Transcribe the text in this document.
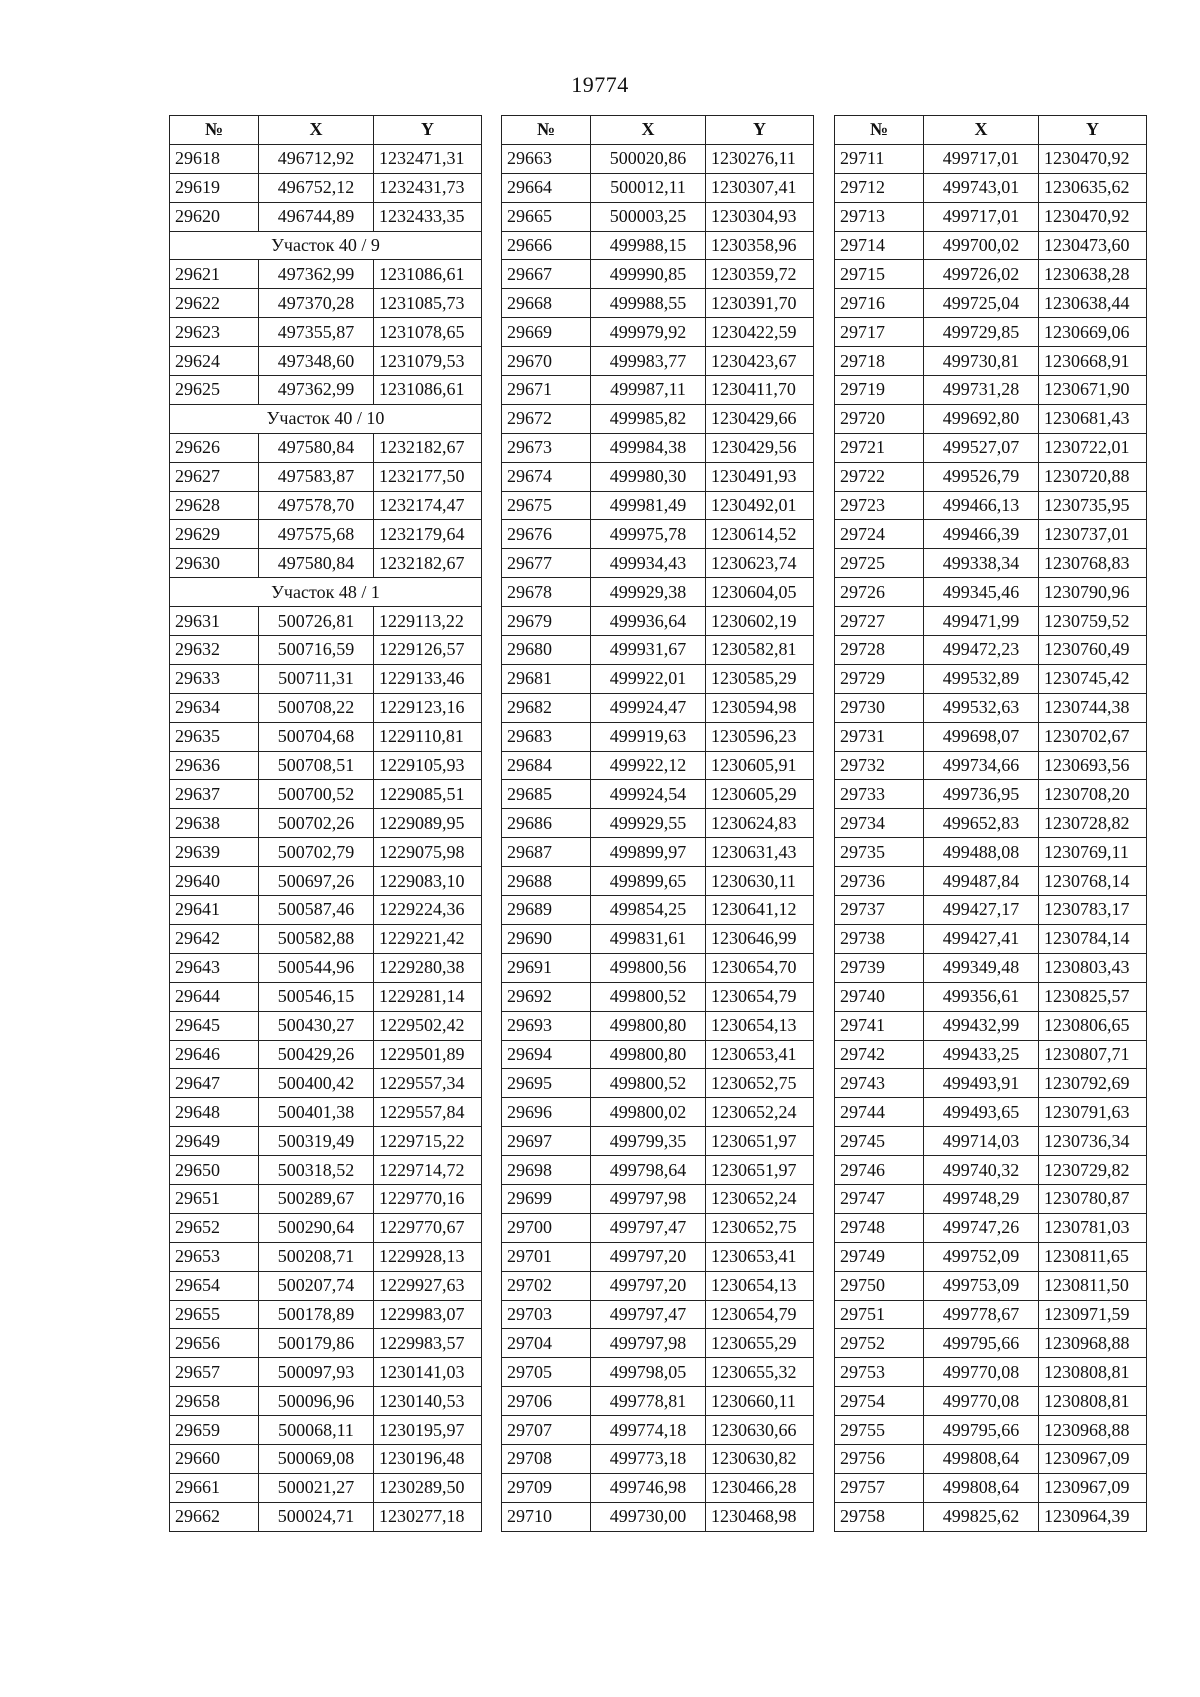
19774
№	X	Y
29618	496712,92	1232471,31
29619	496752,12	1232431,73
29620	496744,89	1232433,35
Участок 40 / 9		
29621	497362,99	1231086,61
29622	497370,28	1231085,73
29623	497355,87	1231078,65
29624	497348,60	1231079,53
29625	497362,99	1231086,61
Участок 40 / 10		
29626	497580,84	1232182,67
29627	497583,87	1232177,50
29628	497578,70	1232174,47
29629	497575,68	1232179,64
29630	497580,84	1232182,67
Участок 48 / 1		
29631	500726,81	1229113,22
29632	500716,59	1229126,57
29633	500711,31	1229133,46
29634	500708,22	1229123,16
29635	500704,68	1229110,81
29636	500708,51	1229105,93
29637	500700,52	1229085,51
29638	500702,26	1229089,95
29639	500702,79	1229075,98
29640	500697,26	1229083,10
29641	500587,46	1229224,36
29642	500582,88	1229221,42
29643	500544,96	1229280,38
29644	500546,15	1229281,14
29645	500430,27	1229502,42
29646	500429,26	1229501,89
29647	500400,42	1229557,34
29648	500401,38	1229557,84
29649	500319,49	1229715,22
29650	500318,52	1229714,72
29651	500289,67	1229770,16
29652	500290,64	1229770,67
29653	500208,71	1229928,13
29654	500207,74	1229927,63
29655	500178,89	1229983,07
29656	500179,86	1229983,57
29657	500097,93	1230141,03
29658	500096,96	1230140,53
29659	500068,11	1230195,97
29660	500069,08	1230196,48
29661	500021,27	1230289,50
29662	500024,71	1230277,18
№	X	Y
29663	500020,86	1230276,11
29664	500012,11	1230307,41
29665	500003,25	1230304,93
29666	499988,15	1230358,96
29667	499990,85	1230359,72
29668	499988,55	1230391,70
29669	499979,92	1230422,59
29670	499983,77	1230423,67
29671	499987,11	1230411,70
29672	499985,82	1230429,66
29673	499984,38	1230429,56
29674	499980,30	1230491,93
29675	499981,49	1230492,01
29676	499975,78	1230614,52
29677	499934,43	1230623,74
29678	499929,38	1230604,05
29679	499936,64	1230602,19
29680	499931,67	1230582,81
29681	499922,01	1230585,29
29682	499924,47	1230594,98
29683	499919,63	1230596,23
29684	499922,12	1230605,91
29685	499924,54	1230605,29
29686	499929,55	1230624,83
29687	499899,97	1230631,43
29688	499899,65	1230630,11
29689	499854,25	1230641,12
29690	499831,61	1230646,99
29691	499800,56	1230654,70
29692	499800,52	1230654,79
29693	499800,80	1230654,13
29694	499800,80	1230653,41
29695	499800,52	1230652,75
29696	499800,02	1230652,24
29697	499799,35	1230651,97
29698	499798,64	1230651,97
29699	499797,98	1230652,24
29700	499797,47	1230652,75
29701	499797,20	1230653,41
29702	499797,20	1230654,13
29703	499797,47	1230654,79
29704	499797,98	1230655,29
29705	499798,05	1230655,32
29706	499778,81	1230660,11
29707	499774,18	1230630,66
29708	499773,18	1230630,82
29709	499746,98	1230466,28
29710	499730,00	1230468,98
№	X	Y
29711	499717,01	1230470,92
29712	499743,01	1230635,62
29713	499717,01	1230470,92
29714	499700,02	1230473,60
29715	499726,02	1230638,28
29716	499725,04	1230638,44
29717	499729,85	1230669,06
29718	499730,81	1230668,91
29719	499731,28	1230671,90
29720	499692,80	1230681,43
29721	499527,07	1230722,01
29722	499526,79	1230720,88
29723	499466,13	1230735,95
29724	499466,39	1230737,01
29725	499338,34	1230768,83
29726	499345,46	1230790,96
29727	499471,99	1230759,52
29728	499472,23	1230760,49
29729	499532,89	1230745,42
29730	499532,63	1230744,38
29731	499698,07	1230702,67
29732	499734,66	1230693,56
29733	499736,95	1230708,20
29734	499652,83	1230728,82
29735	499488,08	1230769,11
29736	499487,84	1230768,14
29737	499427,17	1230783,17
29738	499427,41	1230784,14
29739	499349,48	1230803,43
29740	499356,61	1230825,57
29741	499432,99	1230806,65
29742	499433,25	1230807,71
29743	499493,91	1230792,69
29744	499493,65	1230791,63
29745	499714,03	1230736,34
29746	499740,32	1230729,82
29747	499748,29	1230780,87
29748	499747,26	1230781,03
29749	499752,09	1230811,65
29750	499753,09	1230811,50
29751	499778,67	1230971,59
29752	499795,66	1230968,88
29753	499770,08	1230808,81
29754	499770,08	1230808,81
29755	499795,66	1230968,88
29756	499808,64	1230967,09
29757	499808,64	1230967,09
29758	499825,62	1230964,39
